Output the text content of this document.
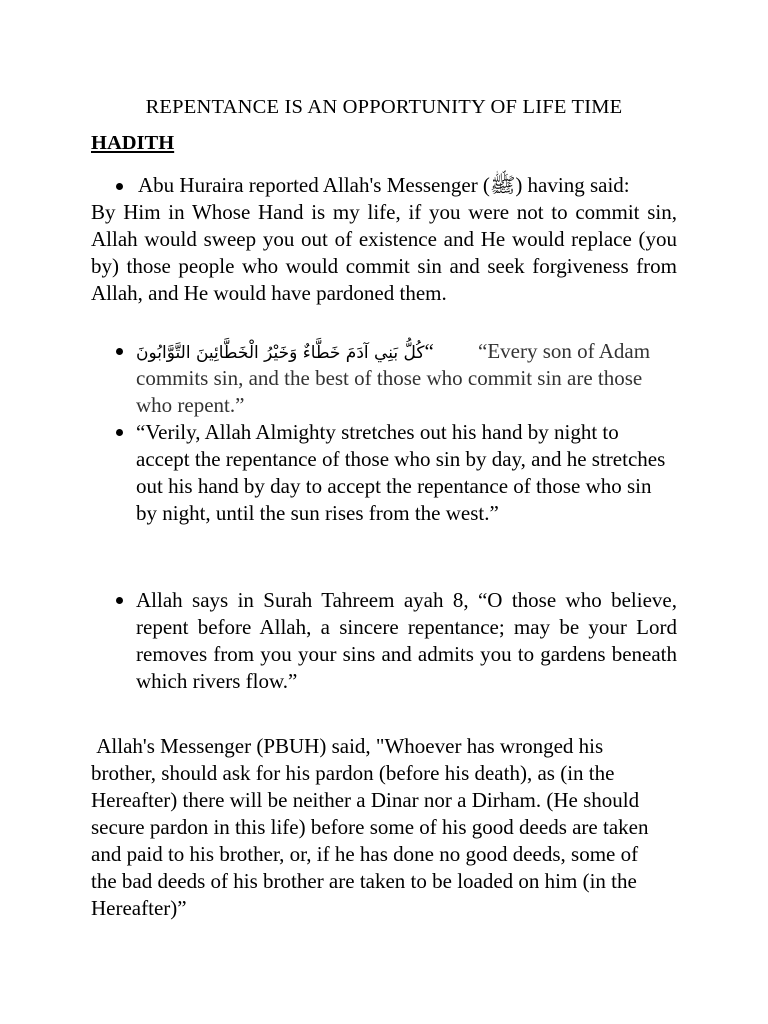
REPENTANCE IS AN OPPORTUNITY OF LIFE TIME
HADITH
Abu Huraira reported Allah's Messenger (ﷺ) having said:
By Him in Whose Hand is my life, if you were not to commit sin, Allah would sweep you out of existence and He would replace (you by) those people who would commit sin and seek forgiveness from Allah, and He would have pardoned them.
كُلُّ بَنِي آدَمَ خَطَّاءٌ وَخَيْرُ الْخَطَّائِينَ التَّوَّابُونَ“ “Every son of Adam
commits sin, and the best of those who commit sin are those who repent.”
“Verily, Allah Almighty stretches out his hand by night to accept the repentance of those who sin by day, and he stretches out his hand by day to accept the repentance of those who sin by night, until the sun rises from the west.”
Allah says in Surah Tahreem ayah 8, “O those who believe, repent before Allah, a sincere repentance; may be your Lord removes from you your sins and admits you to gardens beneath which rivers flow.”
Allah's Messenger (PBUH) said, "Whoever has wronged his brother, should ask for his pardon (before his death), as (in the Hereafter) there will be neither a Dinar nor a Dirham. (He should secure pardon in this life) before some of his good deeds are taken and paid to his brother, or, if he has done no good deeds, some of the bad deeds of his brother are taken to be loaded on him (in the Hereafter)”
